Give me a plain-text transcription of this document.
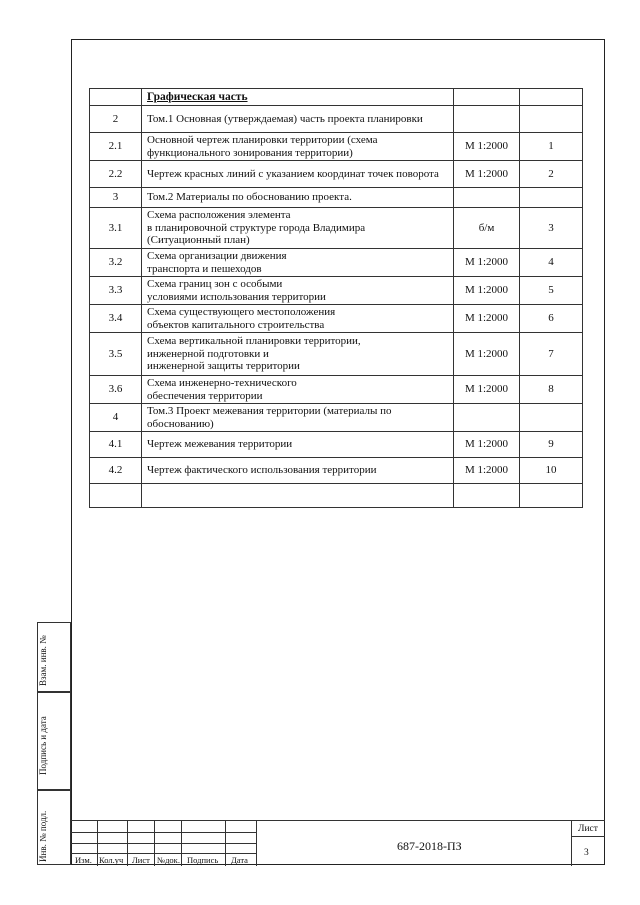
	Графическая часть		
2	Том.1 Основная (утверждаемая) часть проекта планировки		
2.1	Основной чертеж планировки территории (схема функционального зонирования территории)	М 1:2000	1
2.2	Чертеж красных линий с указанием координат точек поворота	М 1:2000	2
3	Том.2 Материалы по обоснованию проекта.		
3.1	Схема расположения элемента
в планировочной структуре города Владимира
(Ситуационный план)	б/м	3
3.2	Схема организации движения
транспорта и пешеходов	М 1:2000	4
3.3	Схема границ зон с особыми
условиями использования территории	М 1:2000	5
3.4	Схема существующего местоположения
объектов капитального строительства	М 1:2000	6
3.5	Схема вертикальной планировки территории,
инженерной подготовки и
инженерной защиты территории	М 1:2000	7
3.6	Схема инженерно-технического
обеспечения территории	М 1:2000	8
4	Том.3 Проект межевания территории (материалы по обоснованию)		
4.1	Чертеж межевания территории	М 1:2000	9
4.2	Чертеж фактического использования территории	М 1:2000	10

Взам. инв. №
Подпись и дата
Инв. № подл.	Изм. Кол.уч Лист №док. Подпись Дата
687-2018-ПЗ
Лист
3
